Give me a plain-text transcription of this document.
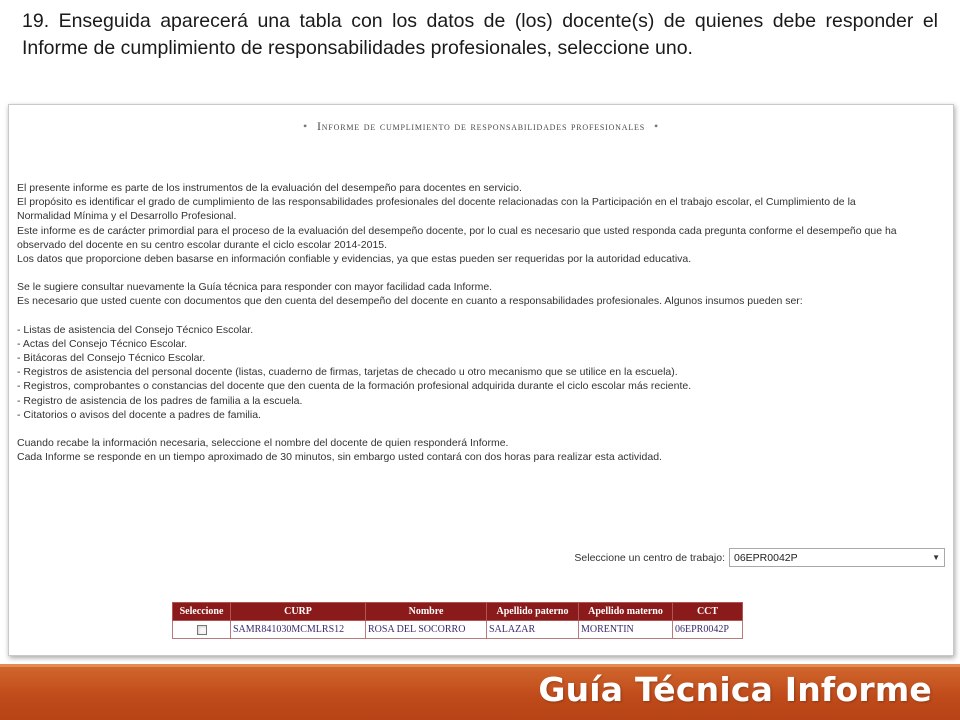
19. Enseguida aparecerá una tabla con los datos de (los) docente(s) de quienes debe responder el Informe de cumplimiento de responsabilidades profesionales, seleccione uno.
• Informe de cumplimiento de responsabilidades profesionales •

El presente informe es parte de los instrumentos de la evaluación del desempeño para docentes en servicio.

El propósito es identificar el grado de cumplimiento de las responsabilidades profesionales del docente relacionadas con la Participación en el trabajo escolar, el Cumplimiento de la Normalidad Mínima y el Desarrollo Profesional.

Este informe es de carácter primordial para el proceso de la evaluación del desempeño docente, por lo cual es necesario que usted responda cada pregunta conforme el desempeño que ha observado del docente en su centro escolar durante el ciclo escolar 2014-2015.

Los datos que proporcione deben basarse en información confiable y evidencias, ya que estas pueden ser requeridas por la autoridad educativa.

Se le sugiere consultar nuevamente la Guía técnica para responder con mayor facilidad cada Informe.

Es necesario que usted cuente con documentos que den cuenta del desempeño del docente en cuanto a responsabilidades profesionales. Algunos insumos pueden ser:

- Listas de asistencia del Consejo Técnico Escolar.

- Actas del Consejo Técnico Escolar.

- Bitácoras del Consejo Técnico Escolar.

- Registros de asistencia del personal docente (listas, cuaderno de firmas, tarjetas de checado u otro mecanismo que se utilice en la escuela).

- Registros, comprobantes o constancias del docente que den cuenta de la formación profesional adquirida durante el ciclo escolar más reciente.

- Registro de asistencia de los padres de familia a la escuela.

- Citatorios o avisos del docente a padres de familia.

Cuando recabe la información necesaria, seleccione el nombre del docente de quien responderá Informe.

Cada Informe se responde en un tiempo aproximado de 30 minutos, sin embargo usted contará con dos horas para realizar esta actividad.

Seleccione un centro de trabajo: 06EPR0042P	▼
Seleccione	CURP	Nombre	Apellido paterno	Apellido materno	CCT
	SAMR841030MCMLRS12	ROSA DEL SOCORRO	SALAZAR	MORENTIN	06EPR0042P
Guía Técnica Informe
